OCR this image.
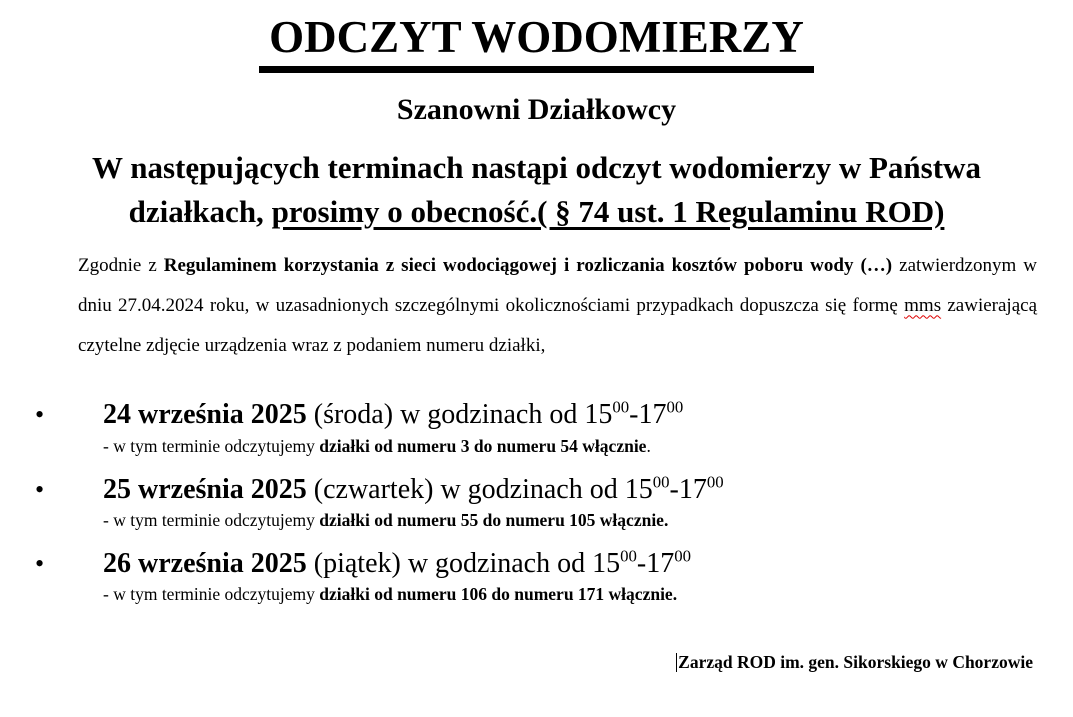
ODCZYT WODOMIERZY
Szanowni Działkowcy
W następujących terminach nastąpi odczyt wodomierzy w Państwa działkach, prosimy o obecność.( § 74 ust. 1 Regulaminu ROD)
Zgodnie z Regulaminem korzystania z sieci wodociągowej i rozliczania kosztów poboru wody (…) zatwierdzonym w dniu 27.04.2024 roku, w uzasadnionych szczególnymi okolicznościami przypadkach dopuszcza się formę mms zawierającą czytelne zdjęcie urządzenia wraz z podaniem numeru działki,
•	24 września 2025 (środa) w godzinach od $15^{00}-17^{00}$
- w tym terminie odczytujemy działki od numeru 3 do numeru 54 włącznie.
•	25 września 2025 (czwartek) w godzinach od $15^{00}-17^{00}$
- w tym terminie odczytujemy działki od numeru 55 do numeru 105 włącznie.
•	26 września 2025 (piątek) w godzinach od $15^{00}-17^{00}$
- w tym terminie odczytujemy działki od numeru 106 do numeru 171 włącznie.
Zarząd ROD im. gen. Sikorskiego w Chorzowie
